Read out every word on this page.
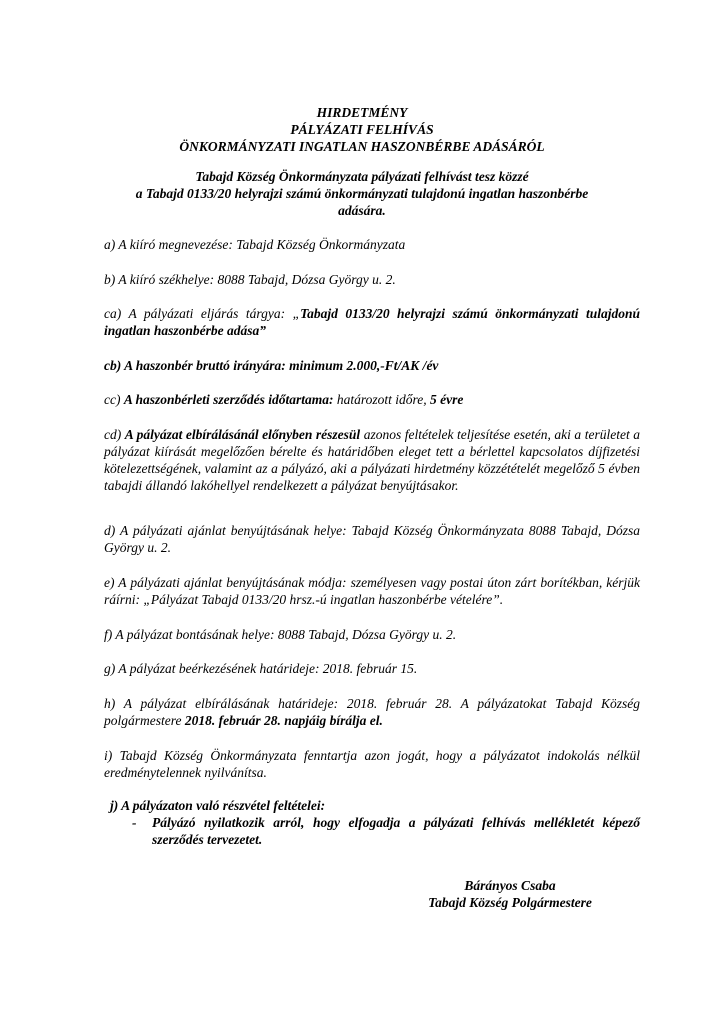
HIRDETMÉNY
PÁLYÁZATI FELHÍVÁS
ÖNKORMÁNYZATI INGATLAN HASZONBÉRBE ADÁSÁRÓL
Tabajd Község Önkormányzata pályázati felhívást tesz közzé
a Tabajd 0133/20 helyrajzi számú önkormányzati tulajdonú ingatlan haszonbérbe
adására.
a) A kiíró megnevezése: Tabajd Község Önkormányzata
b) A kiíró székhelye: 8088 Tabajd, Dózsa György u. 2.
ca) A pályázati eljárás tárgya: „Tabajd 0133/20 helyrajzi számú önkormányzati tulajdonú ingatlan haszonbérbe adása”
cb) A haszonbér bruttó irányára: minimum 2.000,-Ft/AK /év
cc) A haszonbérleti szerződés időtartama: határozott időre, 5 évre
cd) A pályázat elbírálásánál előnyben részesül azonos feltételek teljesítése esetén, aki a területet a pályázat kiírását megelőzően bérelte és határidőben eleget tett a bérlettel kapcsolatos díjfizetési kötelezettségének, valamint az a pályázó, aki a pályázati hirdetmény közzétételét megelőző 5 évben tabajdi állandó lakóhellyel rendelkezett a pályázat benyújtásakor.
d) A pályázati ajánlat benyújtásának helye: Tabajd Község Önkormányzata 8088 Tabajd, Dózsa György u. 2.
e) A pályázati ajánlat benyújtásának módja: személyesen vagy postai úton zárt borítékban, kérjük ráírni: „Pályázat Tabajd 0133/20 hrsz.-ú ingatlan haszonbérbe vételére”.
f) A pályázat bontásának helye: 8088 Tabajd, Dózsa György u. 2.
g) A pályázat beérkezésének határideje: 2018. február 15.
h) A pályázat elbírálásának határideje: 2018. február 28. A pályázatokat Tabajd Község polgármestere 2018. február 28. napjáig bírálja el.
i) Tabajd Község Önkormányzata fenntartja azon jogát, hogy a pályázatot indokolás nélkül eredménytelennek nyilvánítsa.
j) A pályázaton való részvétel feltételei:
-	Pályázó nyilatkozik arról, hogy elfogadja a pályázati felhívás mellékletét képező szerződés tervezetet.
Bárányos Csaba
Tabajd Község Polgármestere
